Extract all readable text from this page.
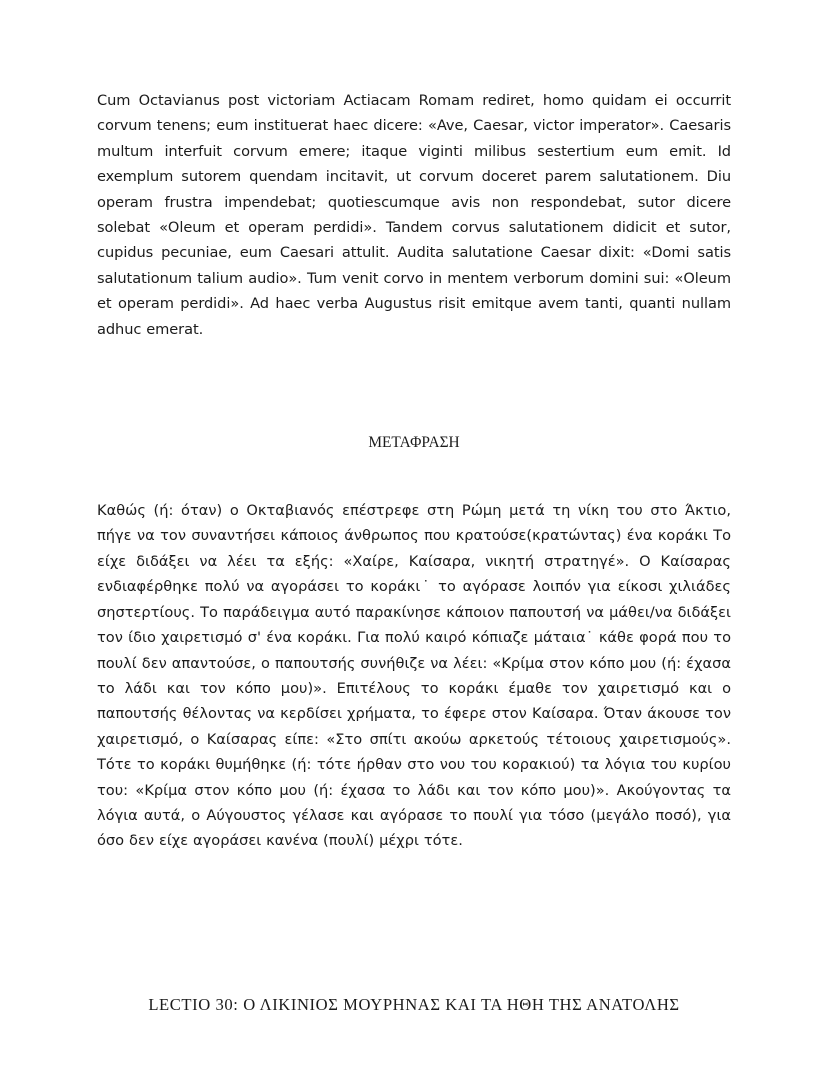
Cum Octavianus post victoriam Actiacam Romam rediret, homo quidam ei occurrit corvum tenens; eum instituerat haec dicere: «Ave, Caesar, victor imperator». Caesaris multum interfuit corvum emere; itaque viginti milibus sestertium eum emit. Id exemplum sutorem quendam incitavit, ut corvum doceret parem salutationem. Diu operam frustra impendebat; quotiescumque avis non respondebat, sutor dicere solebat «Oleum et operam perdidi». Tandem corvus salutationem didicit et sutor, cupidus pecuniae, eum Caesari attulit. Audita salutatione Caesar dixit: «Domi satis salutationum talium audio». Tum venit corvo in mentem verborum domini sui: «Oleum et operam perdidi». Ad haec verba Augustus risit emitque avem tanti, quanti nullam adhuc emerat.

ΜΕΤΑΦΡΑΣΗ

Καθώς (ή: όταν) ο Οκταβιανός επέστρεφε στη Ρώμη μετά τη νίκη του στο Άκτιο, πήγε να τον συναντήσει κάποιος άνθρωπος που κρατούσε(κρατώντας) ένα κοράκι Το είχε διδάξει να λέει τα εξής: «Χαίρε, Καίσαρα, νικητή στρατηγέ». Ο Καίσαρας ενδιαφέρθηκε πολύ να αγοράσει το κοράκι˙ το αγόρασε λοιπόν για είκοσι χιλιάδες σηστερτίους. Το παράδειγμα αυτό παρακίνησε κάποιον παπουτσή να μάθει/να διδάξει τον ίδιο χαιρετισμό σ' ένα κοράκι. Για πολύ καιρό κόπιαζε μάταια˙ κάθε φορά που το πουλί δεν απαντούσε, ο παπουτσής συνήθιζε να λέει: «Κρίμα στον κόπο μου (ή: έχασα το λάδι και τον κόπο μου)». Επιτέλους το κοράκι έμαθε τον χαιρετισμό και ο παπουτσής θέλοντας να κερδίσει χρήματα, το έφερε στον Καίσαρα. Όταν άκουσε τον χαιρετισμό, ο Καίσαρας είπε: «Στο σπίτι ακούω αρκετούς τέτοιους χαιρετισμούς». Τότε το κοράκι θυμήθηκε (ή: τότε ήρθαν στο νου του κορακιού) τα λόγια του κυρίου του: «Κρίμα στον κόπο μου (ή: έχασα το λάδι και τον κόπο μου)». Ακούγοντας τα λόγια αυτά, ο Αύγουστος γέλασε και αγόρασε το πουλί για τόσο (μεγάλο ποσό), για όσο δεν είχε αγοράσει κανένα (πουλί) μέχρι τότε.

LECTIO 30: Ο ΛΙΚΙΝΙΟΣ ΜΟΥΡΗΝΑΣ ΚΑΙ ΤΑ ΗΘΗ ΤΗΣ ΑΝΑΤΟΛΗΣ
